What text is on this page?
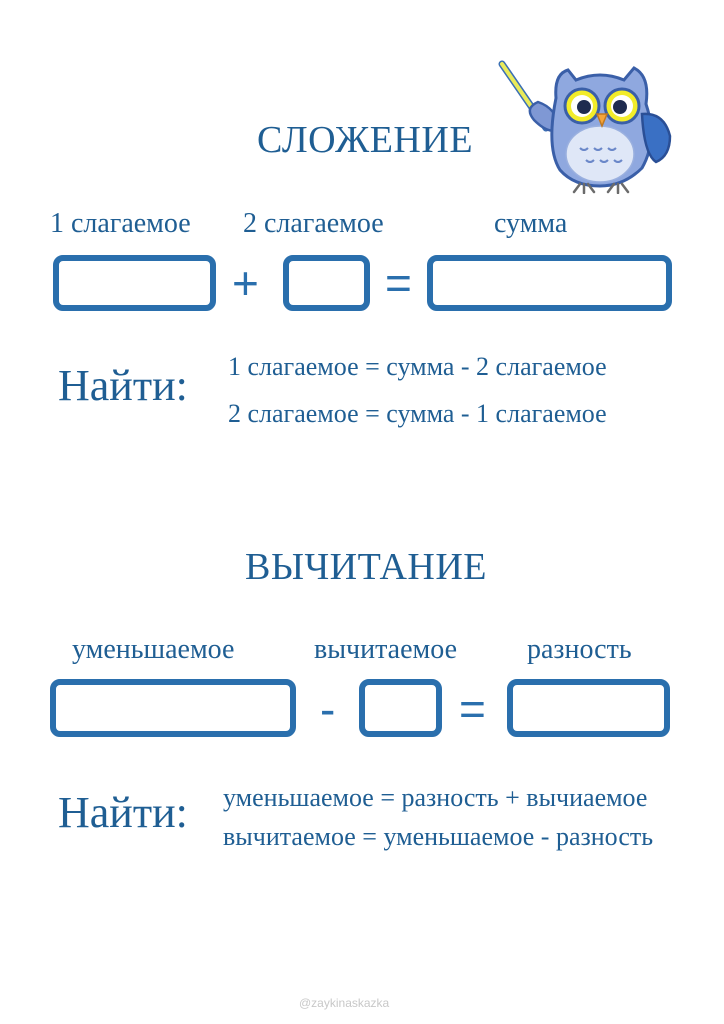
СЛОЖЕНИЕ
1 слагаемое 2 слагаемое	сумма
+	=
Найти: 1 слагаемое = сумма - 2 слагаемое
2 слагаемое = сумма - 1 слагаемое
ВЫЧИТАНИЕ
уменьшаемое	вычитаемое разность
-	=
Найти: уменьшаемое = разность + вычиаемое
вычитаемое = уменьшаемое - разность
@zaykinaskazka
